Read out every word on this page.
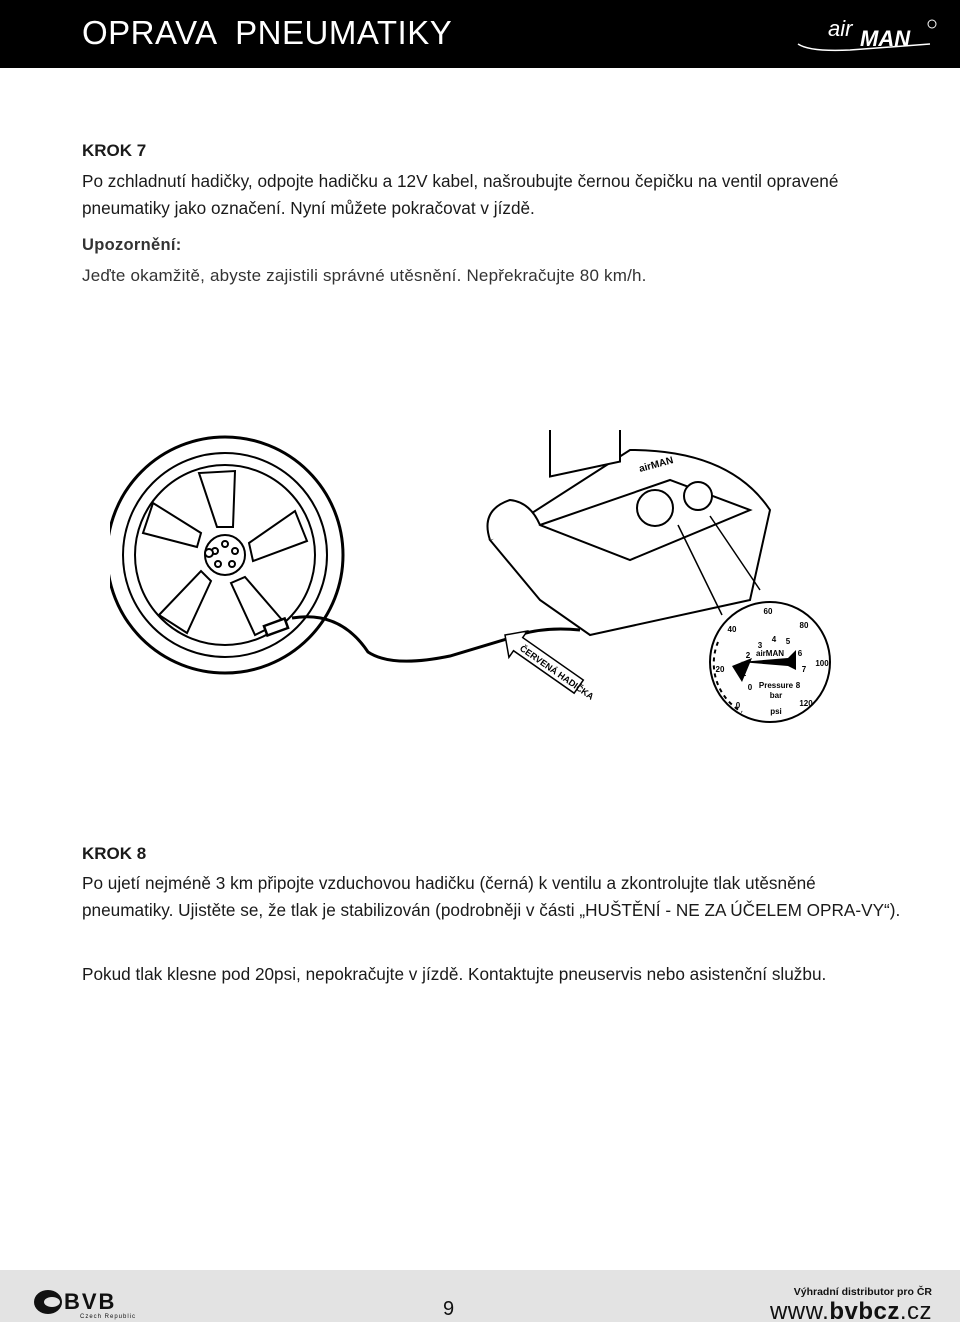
OPRAVA  PNEUMATIKY	air MAN
KROK 7
Po zchladnutí hadičky, odpojte hadičku a 12V kabel, našroubujte černou čepičku na ventil opravené pneumatiky jako označení. Nyní můžete pokračovat v jízdě.
Upozornění:
Jeďte okamžitě, abyste zajistili správné utěsnění. Nepřekračujte 80 km/h.
ČERVENÁ HADIČKA
airMAN
0
20
40
60
80
100
120
0
1
2
3
4 5
6
7
8
airMAN
Pressure
bar
psi
KROK 8
Po ujetí nejméně 3 km připojte vzduchovou hadičku (černá) k ventilu a zkontrolujte tlak utěsněné pneumatiky. Ujistěte se, že tlak je stabilizován (podrobněji v části „HUŠTĚNÍ - NE ZA ÚČELEM OPRA-VY“).
Pokud tlak klesne pod 20psi, nepokračujte v jízdě. Kontaktujte pneuservis nebo asistenční službu.
BVB
Czech Republic	9
Výhradní distributor pro ČR
www.bvbcz.cz
